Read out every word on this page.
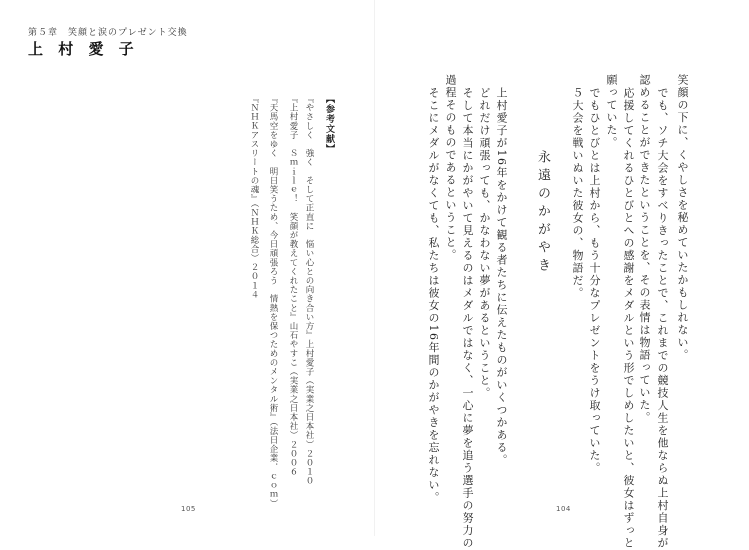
第５章　笑顔と涙のプレゼント交換
上 村 愛 子
笑顔の下に、くやしさを秘めていたかもしれない。
でも、ソチ大会をすべりきったことで、これまでの競技人生を他ならぬ上村自身が
認めることができたということを、その表情は物語っていた。
応援してくれるひとびとへの感謝をメダルという形でしめしたいと、彼女はずっと
願っていた。
でもひとびとは上村から、もう十分なプレゼントをうけ取っていた。
５大会を戦いぬいた彼女の、物語だ。
永遠のかがやき
上村愛子が16年をかけて観る者たちに伝えたものがいくつかある。
どれだけ頑張っても、かなわない夢があるということ。
そして本当にかがやいて見えるのはメダルではなく、一心に夢を追う選手の努力の
過程そのものであるということ。
そこにメダルがなくても、私たちは彼女の16年間のかがやきを忘れない。
【参考文献】
『やさしく　強く　そして正直に　悩い心との向き合い方』上村愛子（実業之日本社）２０１０
『上村愛子　Ｓｍｉｌｅ！　笑顔が教えてくれたこと』山石やすこ（実業之日本社）２００６
『天馬空をゆく　明日笑うため、今日頑張ろう　情熱を保つためのメンタル術』（法日企業．ｃｏｍ）
『ＮＨＫアスリートの魂』（ＮＨＫ総合）２０１４
105	104
